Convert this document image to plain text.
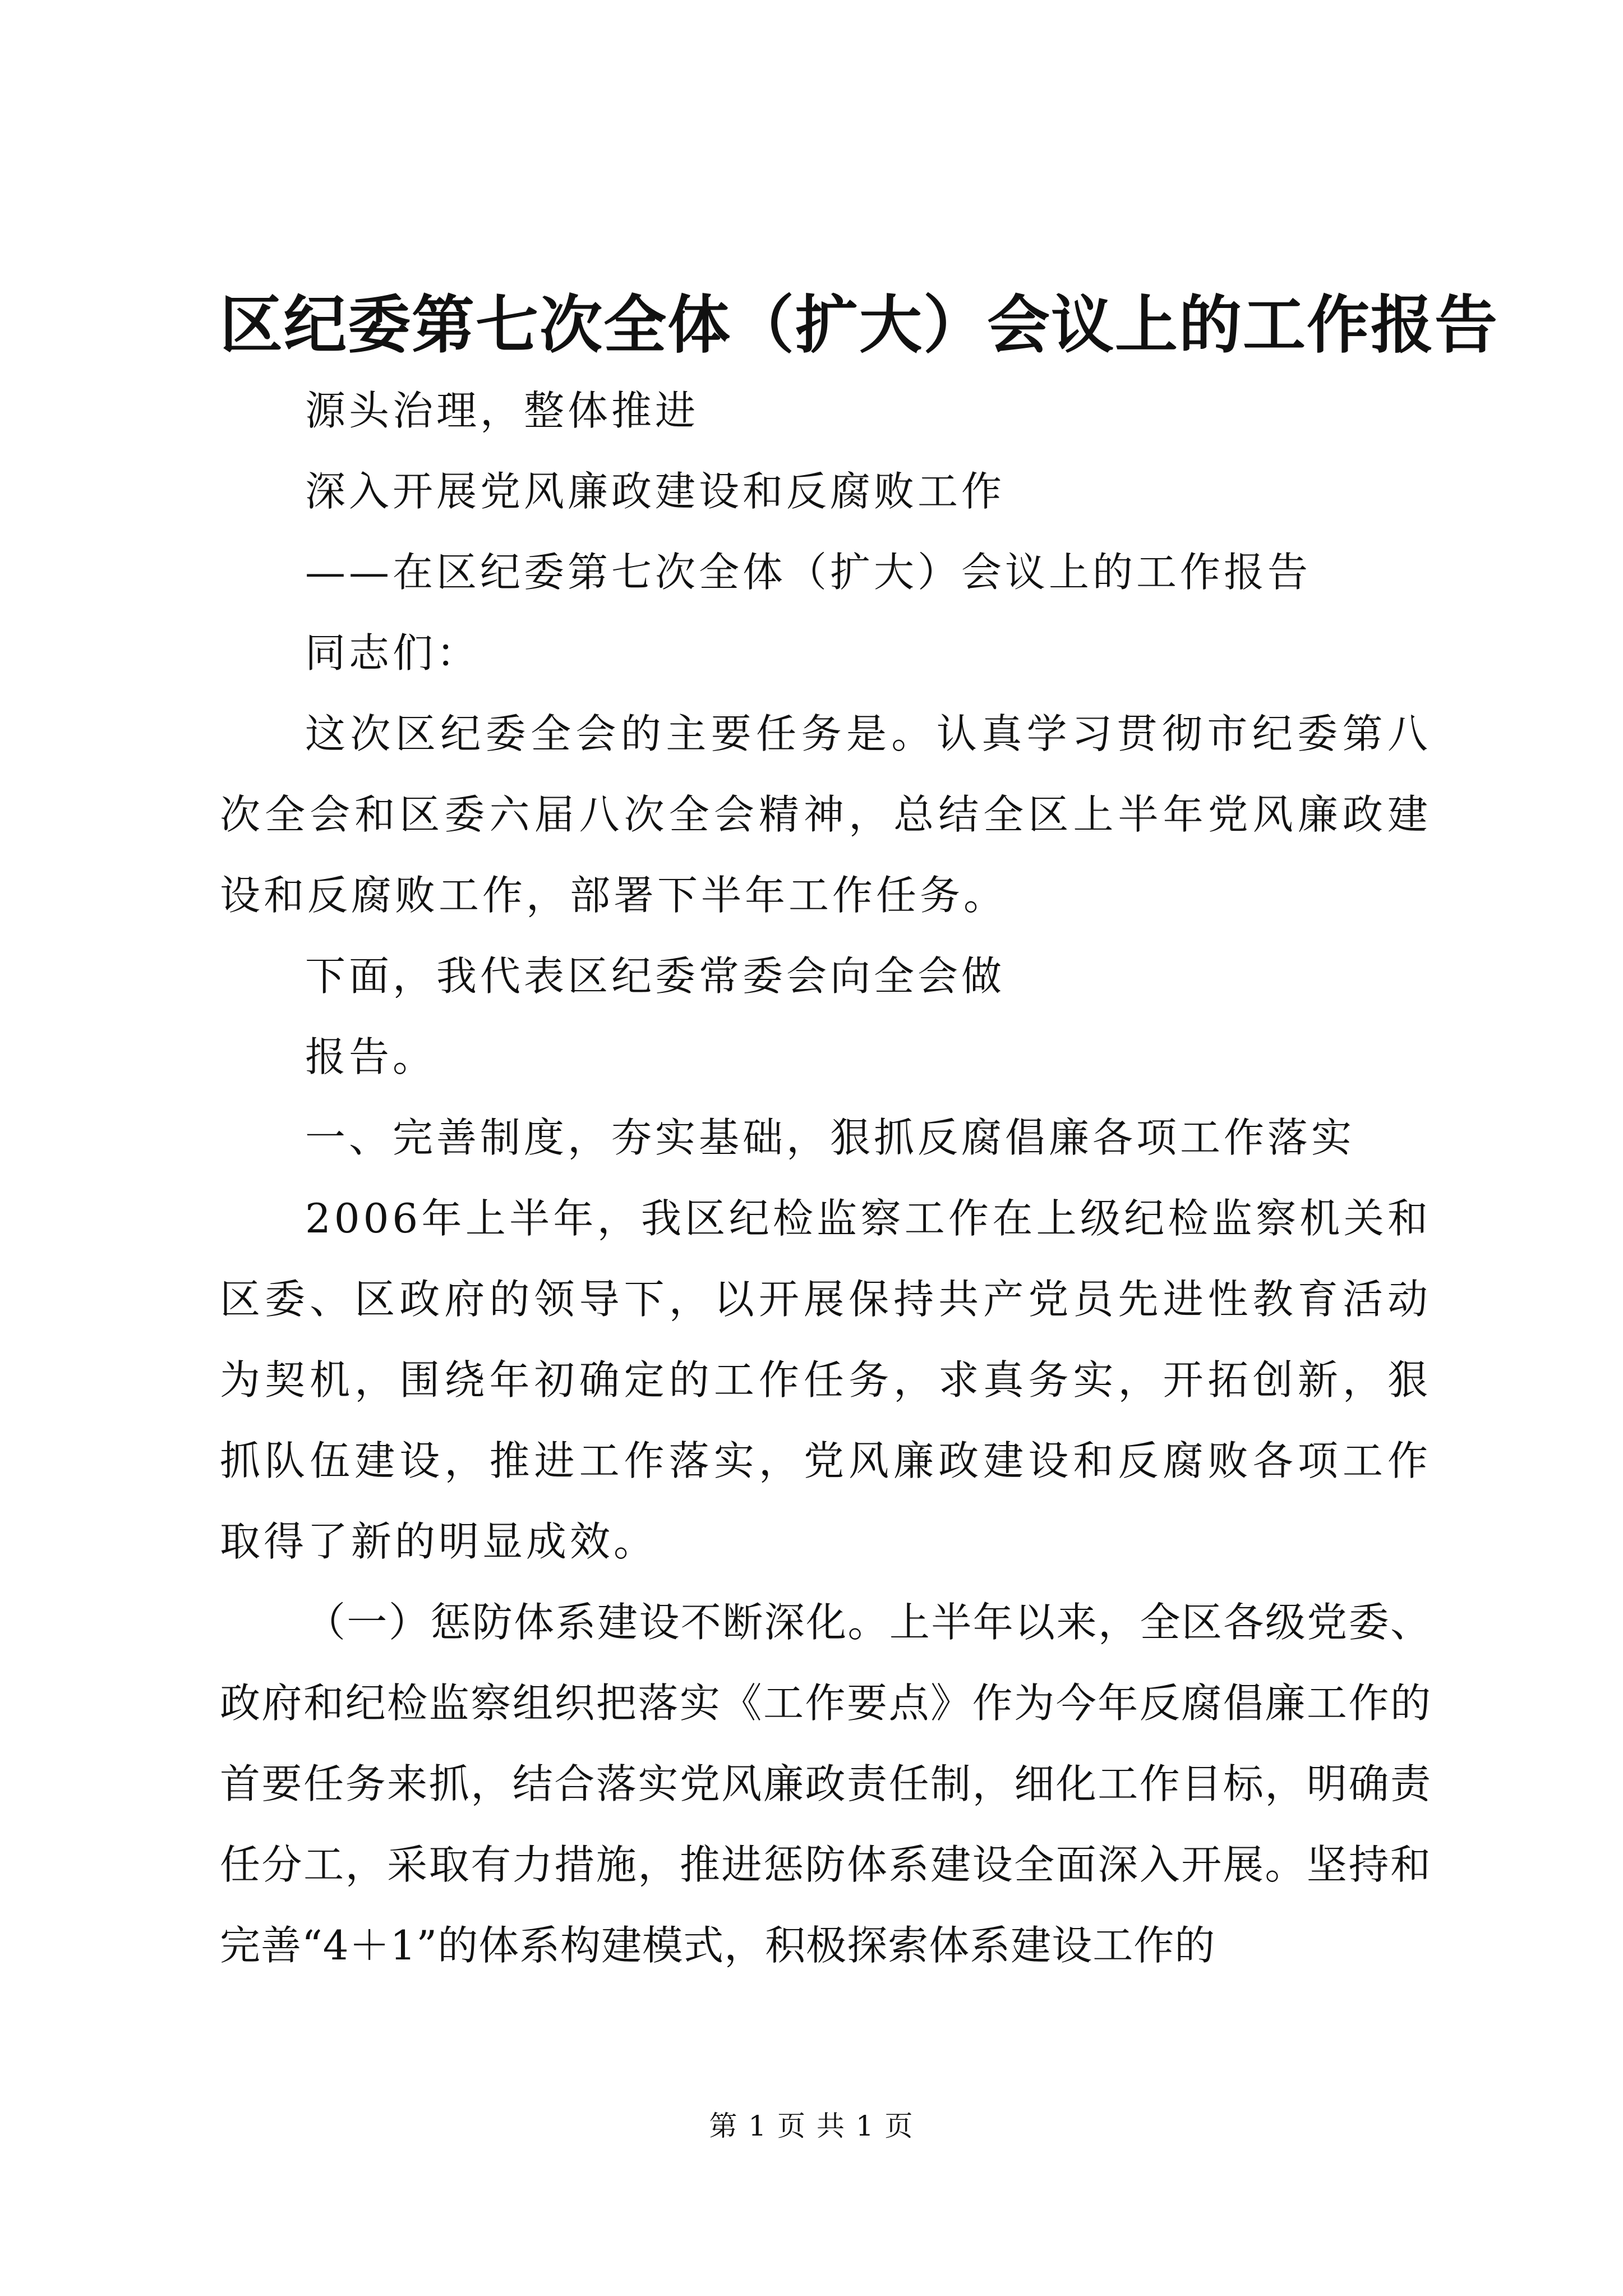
区纪委第七次全体（扩大）会议上的工作报告

源头治理，整体推进

深入开展党风廉政建设和反腐败工作

——在区纪委第七次全体（扩大）会议上的工作报告

同志们：

这次区纪委全会的主要任务是。认真学习贯彻市纪委第八次全会和区委六届八次全会精神，总结全区上半年党风廉政建设和反腐败工作，部署下半年工作任务。

下面，我代表区纪委常委会向全会做

报告。

一、完善制度，夯实基础，狠抓反腐倡廉各项工作落实

2006年上半年，我区纪检监察工作在上级纪检监察机关和区委、区政府的领导下，以开展保持共产党员先进性教育活动为契机，围绕年初确定的工作任务，求真务实，开拓创新，狠抓队伍建设，推进工作落实，党风廉政建设和反腐败各项工作取得了新的明显成效。

（一）惩防体系建设不断深化。上半年以来，全区各级党委、政府和纪检监察组织把落实《工作要点》作为今年反腐倡廉工作的首要任务来抓，结合落实党风廉政责任制，细化工作目标，明确责任分工，采取有力措施，推进惩防体系建设全面深入开展。坚持和完善“4＋1”的体系构建模式，积极探索体系建设工作的

第 1 页 共 1 页
